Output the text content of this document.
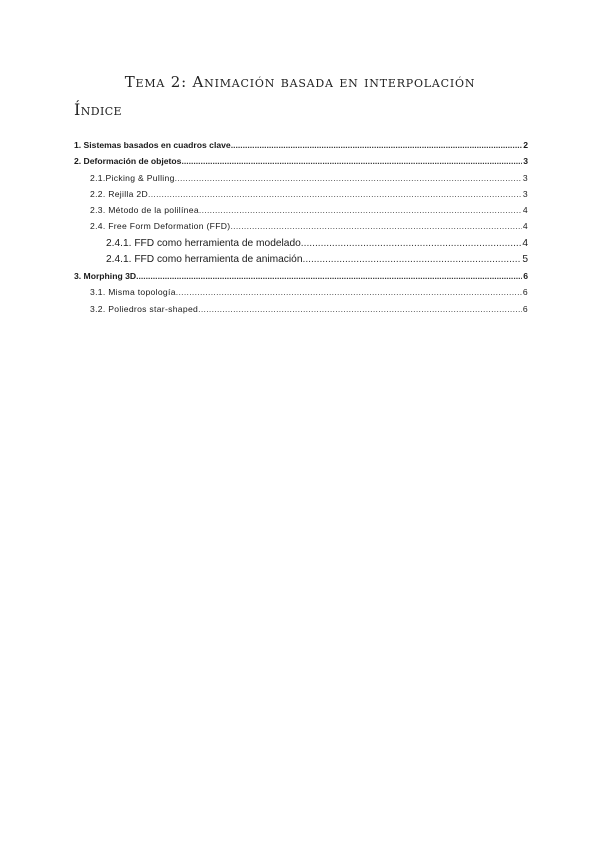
Tema 2: Animación basada en interpolación
Índice
1. Sistemas basados en cuadros clave .....	2
2. Deformación de objetos .....	3
2.1.Picking & Pulling .....	3
2.2. Rejilla 2D .....	3
2.3. Método de la polilínea .....	4
2.4. Free Form Deformation (FFD) .....	4
2.4.1. FFD como herramienta de modelado .....	4
2.4.1. FFD como herramienta de animación .....	5
3. Morphing 3D .....	6
3.1. Misma topología .....	6
3.2. Poliedros star-shaped .....	6
